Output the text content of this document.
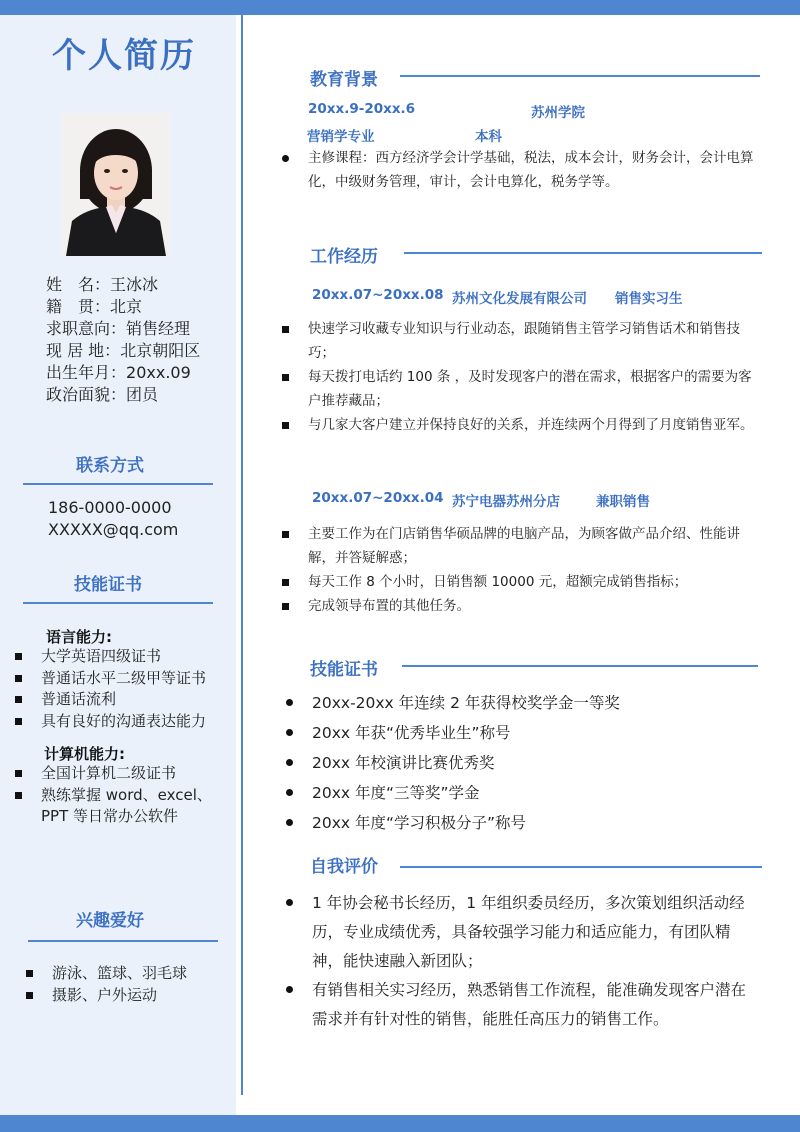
个人简历
姓　名：王冰冰
籍　贯：北京
求职意向：销售经理
现 居 地：北京朝阳区
出生年月：20xx.09
政治面貌：团员
联系方式
186-0000-0000
XXXXX@qq.com
技能证书
语言能力:
大学英语四级证书
普通话水平二级甲等证书
普通话流利
具有良好的沟通表达能力
计算机能力:
全国计算机二级证书
熟练掌握 word、excel、PPT 等日常办公软件
兴趣爱好
游泳、篮球、羽毛球
摄影、户外运动
教育背景
20xx.9-20xx.6	苏州学院
营销学专业	本科
主修课程：西方经济学会计学基础，税法，成本会计，财务会计，会计电算化，中级财务管理，审计，会计电算化，税务学等。
工作经历
20xx.07~20xx.08 苏州文化发展有限公司 销售实习生
快速学习收藏专业知识与行业动态，跟随销售主管学习销售话术和销售技巧；
每天拨打电话约 100 条 ，及时发现客户的潜在需求，根据客户的需要为客户推荐藏品；
与几家大客户建立并保持良好的关系，并连续两个月得到了月度销售亚军。
20xx.07~20xx.04 苏宁电器苏州分店	兼职销售
主要工作为在门店销售华硕品牌的电脑产品，为顾客做产品介绍、性能讲解，并答疑解惑；
每天工作 8 个小时，日销售额 10000 元，超额完成销售指标；
完成领导布置的其他任务。
技能证书
20xx-20xx 年连续 2 年获得校奖学金一等奖
20xx 年获“优秀毕业生”称号
20xx 年校演讲比赛优秀奖
20xx 年度“三等奖”学金
20xx 年度“学习积极分子”称号
自我评价
1 年协会秘书长经历，1 年组织委员经历，多次策划组织活动经历，专业成绩优秀，具备较强学习能力和适应能力，有团队精神，能快速融入新团队；
有销售相关实习经历，熟悉销售工作流程，能准确发现客户潜在需求并有针对性的销售，能胜任高压力的销售工作。
